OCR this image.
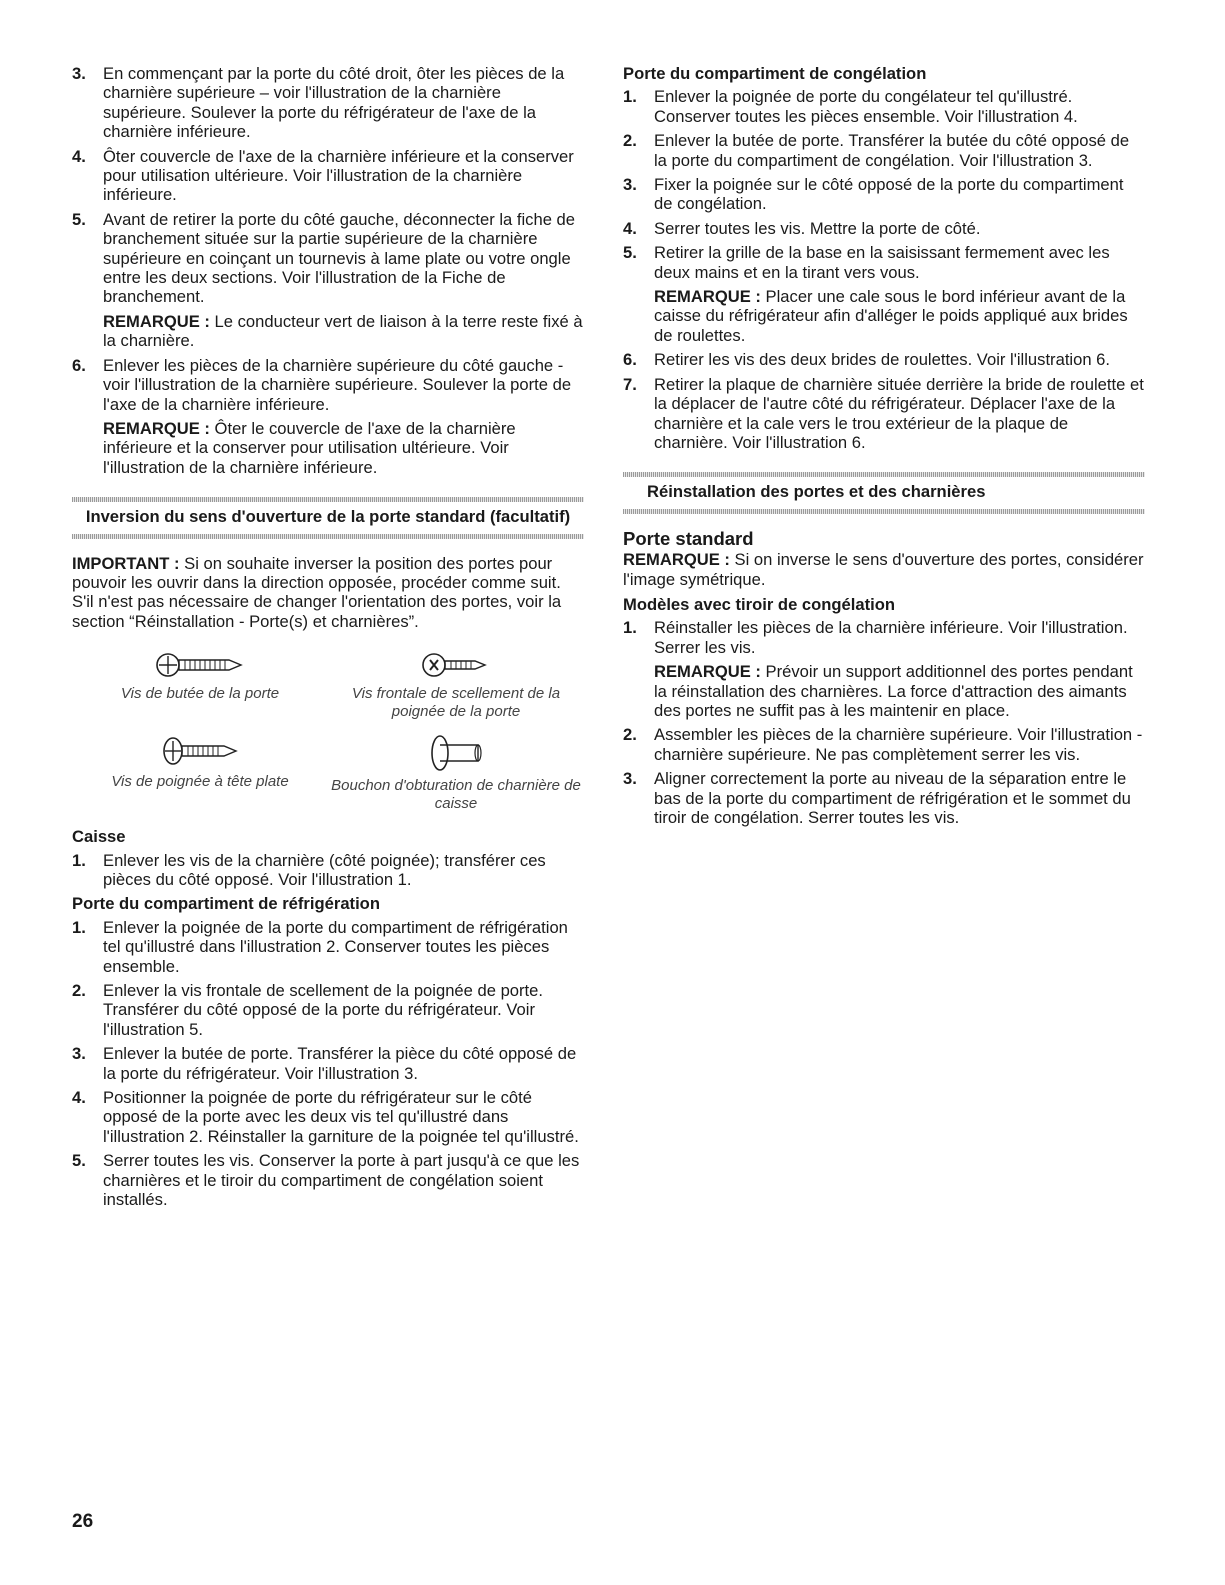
3. En commençant par la porte du côté droit, ôter les pièces de la charnière supérieure – voir l'illustration de la charnière supérieure. Soulever la porte du réfrigérateur de l'axe de la charnière inférieure.
4. Ôter couvercle de l'axe de la charnière inférieure et la conserver pour utilisation ultérieure. Voir l'illustration de la charnière inférieure.
5. Avant de retirer la porte du côté gauche, déconnecter la fiche de branchement située sur la partie supérieure de la charnière supérieure en coinçant un tournevis à lame plate ou votre ongle entre les deux sections. Voir l'illustration de la Fiche de branchement.
REMARQUE : Le conducteur vert de liaison à la terre reste fixé à la charnière.
6. Enlever les pièces de la charnière supérieure du côté gauche - voir l'illustration de la charnière supérieure. Soulever la porte de l'axe de la charnière inférieure.
REMARQUE : Ôter le couvercle de l'axe de la charnière inférieure et la conserver pour utilisation ultérieure. Voir l'illustration de la charnière inférieure.
Inversion du sens d'ouverture de la porte standard (facultatif)

IMPORTANT : Si on souhaite inverser la position des portes pour pouvoir les ouvrir dans la direction opposée, procéder comme suit. S'il n'est pas nécessaire de changer l'orientation des portes, voir la section “Réinstallation - Porte(s) et charnières”.

Vis de butée de la porte	Vis frontale de scellement de la poignée de la porte
Vis de poignée à tête plate	Bouchon d'obturation de charnière de caisse
Caisse
1. Enlever les vis de la charnière (côté poignée); transférer ces pièces du côté opposé. Voir l'illustration 1.
Porte du compartiment de réfrigération
1. Enlever la poignée de la porte du compartiment de réfrigération tel qu'illustré dans l'illustration 2. Conserver toutes les pièces ensemble.
2. Enlever la vis frontale de scellement de la poignée de porte. Transférer du côté opposé de la porte du réfrigérateur. Voir l'illustration 5.
3. Enlever la butée de porte. Transférer la pièce du côté opposé de la porte du réfrigérateur. Voir l'illustration 3.
4. Positionner la poignée de porte du réfrigérateur sur le côté opposé de la porte avec les deux vis tel qu'illustré dans l'illustration 2. Réinstaller la garniture de la poignée tel qu'illustré.
5. Serrer toutes les vis. Conserver la porte à part jusqu'à ce que les charnières et le tiroir du compartiment de congélation soient installés.
Porte du compartiment de congélation
1. Enlever la poignée de porte du congélateur tel qu'illustré. Conserver toutes les pièces ensemble. Voir l'illustration 4.
2. Enlever la butée de porte. Transférer la butée du côté opposé de la porte du compartiment de congélation. Voir l'illustration 3.
3. Fixer la poignée sur le côté opposé de la porte du compartiment de congélation.
4. Serrer toutes les vis. Mettre la porte de côté.
5. Retirer la grille de la base en la saisissant fermement avec les deux mains et en la tirant vers vous.
REMARQUE : Placer une cale sous le bord inférieur avant de la caisse du réfrigérateur afin d'alléger le poids appliqué aux brides de roulettes.
6. Retirer les vis des deux brides de roulettes. Voir l'illustration 6.
7. Retirer la plaque de charnière située derrière la bride de roulette et la déplacer de l'autre côté du réfrigérateur. Déplacer l'axe de la charnière et la cale vers le trou extérieur de la plaque de charnière. Voir l'illustration 6.
Réinstallation des portes et des charnières
Porte standard

REMARQUE : Si on inverse le sens d'ouverture des portes, considérer l'image symétrique.

Modèles avec tiroir de congélation
1. Réinstaller les pièces de la charnière inférieure. Voir l'illustration. Serrer les vis.
REMARQUE : Prévoir un support additionnel des portes pendant la réinstallation des charnières. La force d'attraction des aimants des portes ne suffit pas à les maintenir en place.
2. Assembler les pièces de la charnière supérieure. Voir l'illustration - charnière supérieure. Ne pas complètement serrer les vis.
3. Aligner correctement la porte au niveau de la séparation entre le bas de la porte du compartiment de réfrigération et le sommet du tiroir de congélation. Serrer toutes les vis.
26
